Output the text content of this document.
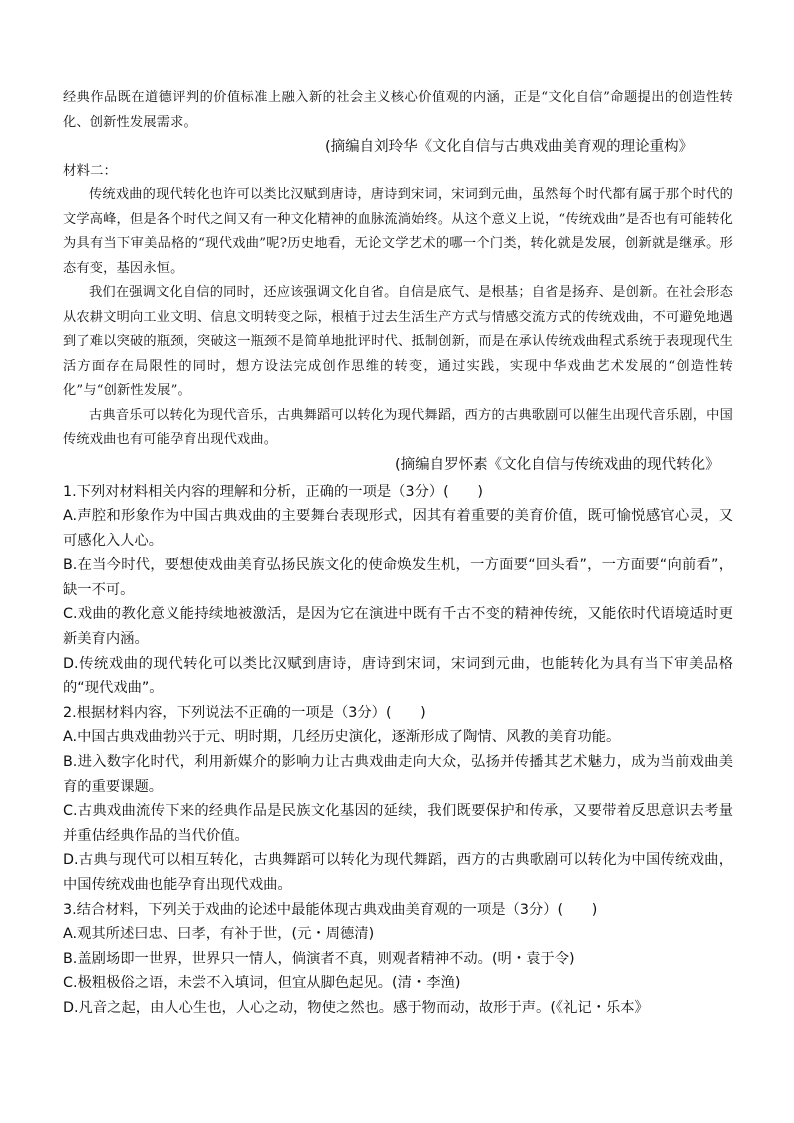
经典作品既在道德评判的价值标准上融入新的社会主义核心价值观的内涵，正是“文化自信”命题提出的创造性转化、创新性发展需求。

(摘编自刘玲华《文化自信与古典戏曲美育观的理论重构》

材料二：

传统戏曲的现代转化也许可以类比汉赋到唐诗，唐诗到宋词，宋词到元曲，虽然每个时代都有属于那个时代的文学高峰，但是各个时代之间又有一种文化精神的血脉流淌始终。从这个意义上说，“传统戏曲”是否也有可能转化为具有当下审美品格的“现代戏曲”呢?历史地看，无论文学艺术的哪一个门类，转化就是发展，创新就是继承。形态有变，基因永恒。

我们在强调文化自信的同时，还应该强调文化自省。自信是底气、是根基；自省是扬弃、是创新。在社会形态从农耕文明向工业文明、信息文明转变之际，根植于过去生活生产方式与情感交流方式的传统戏曲，不可避免地遇到了难以突破的瓶颈，突破这一瓶颈不是简单地批评时代、抵制创新，而是在承认传统戏曲程式系统于表现现代生活方面存在局限性的同时，想方设法完成创作思维的转变，通过实践，实现中华戏曲艺术发展的“创造性转化”与“创新性发展”。

古典音乐可以转化为现代音乐，古典舞蹈可以转化为现代舞蹈，西方的古典歌剧可以催生出现代音乐剧，中国传统戏曲也有可能孕育出现代戏曲。

(摘编自罗怀素《文化自信与传统戏曲的现代转化》

1.下列对材料相关内容的理解和分析，正确的一项是（3分）(　　)

A.声腔和形象作为中国古典戏曲的主要舞台表现形式，因其有着重要的美育价值，既可愉悦感官心灵，又可感化入人心。

B.在当今时代，要想使戏曲美育弘扬民族文化的使命焕发生机，一方面要“回头看”，一方面要“向前看”，缺一不可。

C.戏曲的教化意义能持续地被激活，是因为它在演进中既有千古不变的精神传统，又能依时代语境适时更新美育内涵。

D.传统戏曲的现代转化可以类比汉赋到唐诗，唐诗到宋词，宋词到元曲，也能转化为具有当下审美品格的“现代戏曲”。

2.根据材料内容，下列说法不正确的一项是（3分）(　　)

A.中国古典戏曲勃兴于元、明时期，几经历史演化，逐渐形成了陶情、风教的美育功能。

B.进入数字化时代，利用新媒介的影响力让古典戏曲走向大众，弘扬并传播其艺术魅力，成为当前戏曲美育的重要课题。

C.古典戏曲流传下来的经典作品是民族文化基因的延续，我们既要保护和传承，又要带着反思意识去考量并重估经典作品的当代价值。

D.古典与现代可以相互转化，古典舞蹈可以转化为现代舞蹈，西方的古典歌剧可以转化为中国传统戏曲，中国传统戏曲也能孕育出现代戏曲。

3.结合材料，下列关于戏曲的论述中最能体现古典戏曲美育观的一项是（3分）(　　)

A.观其所述曰忠、曰孝，有补于世，(元・周德清)

B.盖剧场即一世界，世界只一情人，倘演者不真，则观者精神不动。(明・袁于令)

C.极粗极俗之语，未尝不入填词，但宜从脚色起见。(清・李渔)

D.凡音之起，由人心生也，人心之动，物使之然也。感于物而动，故形于声。(《礼记・乐本》
